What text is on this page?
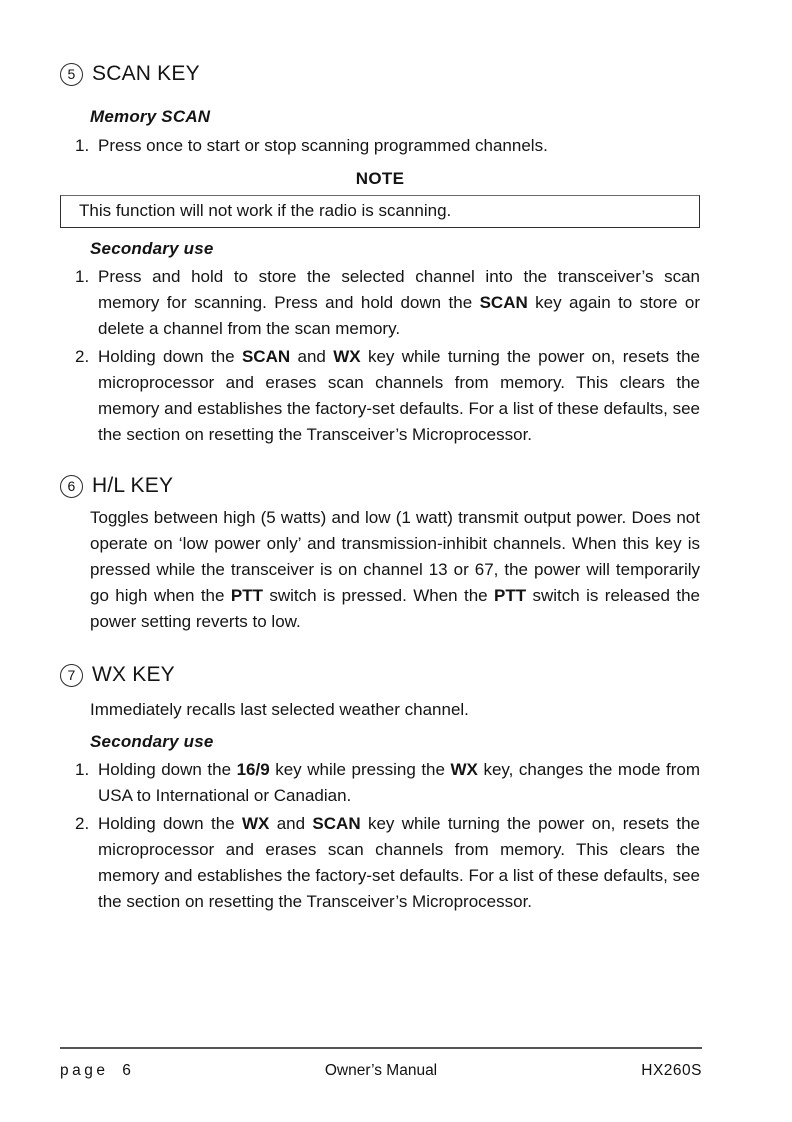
5 SCAN KEY
Memory SCAN
1. Press once to start or stop scanning programmed channels.
NOTE
This function will not work if the radio is scanning.
Secondary use
1. Press and hold to store the selected channel into the transceiver’s scan memory for scanning. Press and hold down the SCAN key again to store or delete a channel from the scan memory.
2. Holding down the SCAN and WX key while turning the power on, resets the microprocessor and erases scan channels from memory. This clears the memory and establishes the factory-set defaults. For a list of these defaults, see the section on resetting the Transceiver’s Microprocessor.
6 H/L KEY
Toggles between high (5 watts) and low (1 watt) transmit output power. Does not operate on ‘low power only’ and transmission-inhibit channels. When this key is pressed while the transceiver is on channel 13 or 67, the power will temporarily go high when the PTT switch is pressed. When the PTT switch is released the power setting reverts to low.
7 WX KEY
Immediately recalls last selected weather channel.
Secondary use
1. Holding down the 16/9 key while pressing the WX key, changes the mode from USA to International or Canadian.
2. Holding down the WX and SCAN key while turning the power on, resets the microprocessor and erases scan channels from memory. This clears the memory and establishes the factory-set defaults. For a list of these defaults, see the section on resetting the Transceiver’s Microprocessor.
page 6	Owner’s Manual	HX260S
